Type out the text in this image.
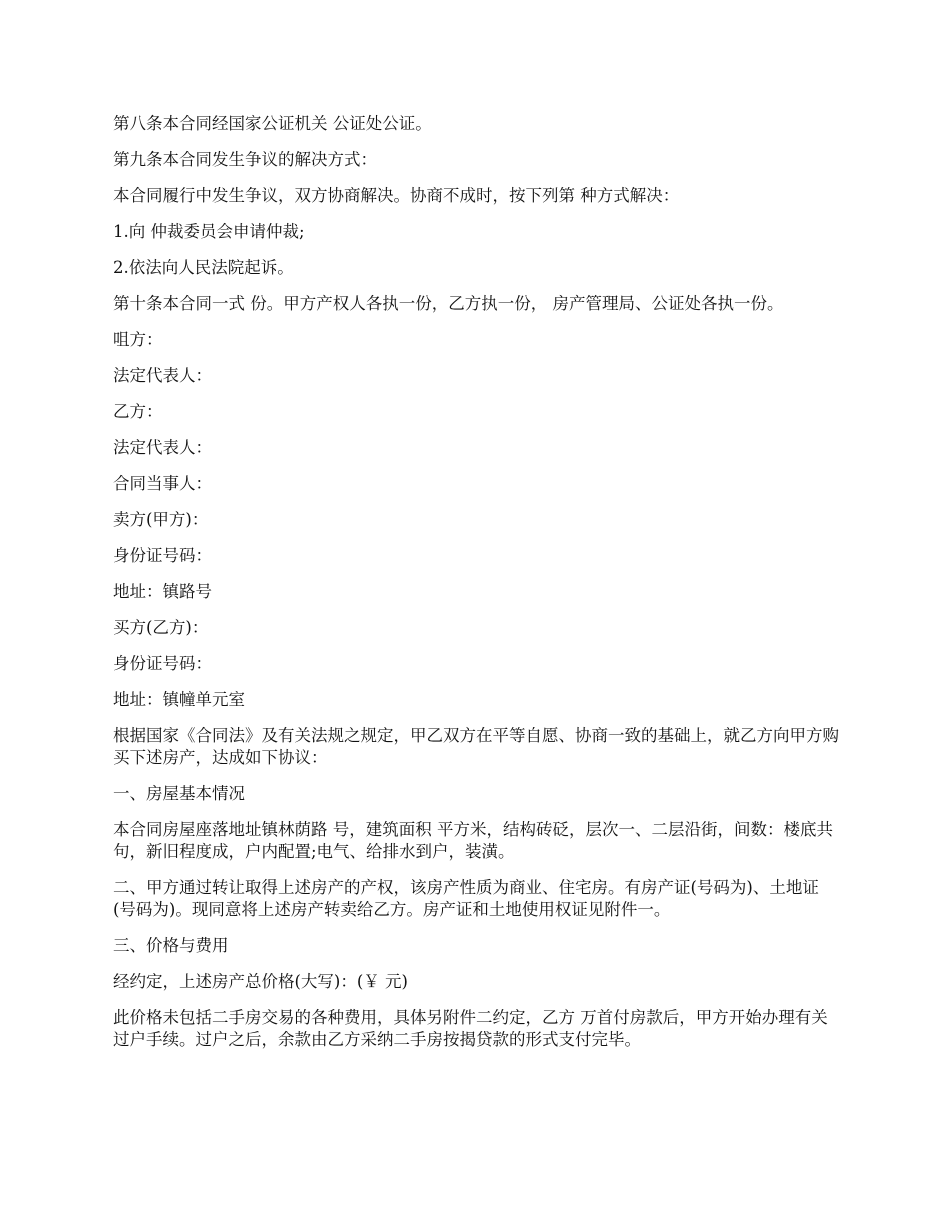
第八条本合同经国家公证机关 公证处公证。

第九条本合同发生争议的解决方式：

本合同履行中发生争议，双方协商解决。协商不成时，按下列第 种方式解决：

1.向 仲裁委员会申请仲裁;

2.依法向人民法院起诉。

第十条本合同一式 份。甲方产权人各执一份，乙方执一份， 房产管理局、公证处各执一份。

咀方：

法定代表人：

乙方：

法定代表人：

合同当事人：

卖方(甲方)：

身份证号码：

地址：镇路号

买方(乙方)：

身份证号码：

地址：镇幢单元室

根据国家《合同法》及有关法规之规定，甲乙双方在平等自愿、协商一致的基础上，就乙方向甲方购买下述房产，达成如下协议：

一、房屋基本情况

本合同房屋座落地址镇林荫路 号，建筑面积 平方米，结构砖砭，层次一、二层沿街，间数：楼底共句，新旧程度成，户内配置;电气、给排水到户，装潢。

二、甲方通过转让取得上述房产的产权，该房产性质为商业、住宅房。有房产证(号码为)、土地证(号码为)。现同意将上述房产转卖给乙方。房产证和土地使用权证见附件一。

三、价格与费用

经约定，上述房产总价格(大写)：(￥ 元)

此价格未包括二手房交易的各种费用，具体另附件二约定，乙方 万首付房款后，甲方开始办理有关过户手续。过户之后，余款由乙方采纳二手房按揭贷款的形式支付完毕。
